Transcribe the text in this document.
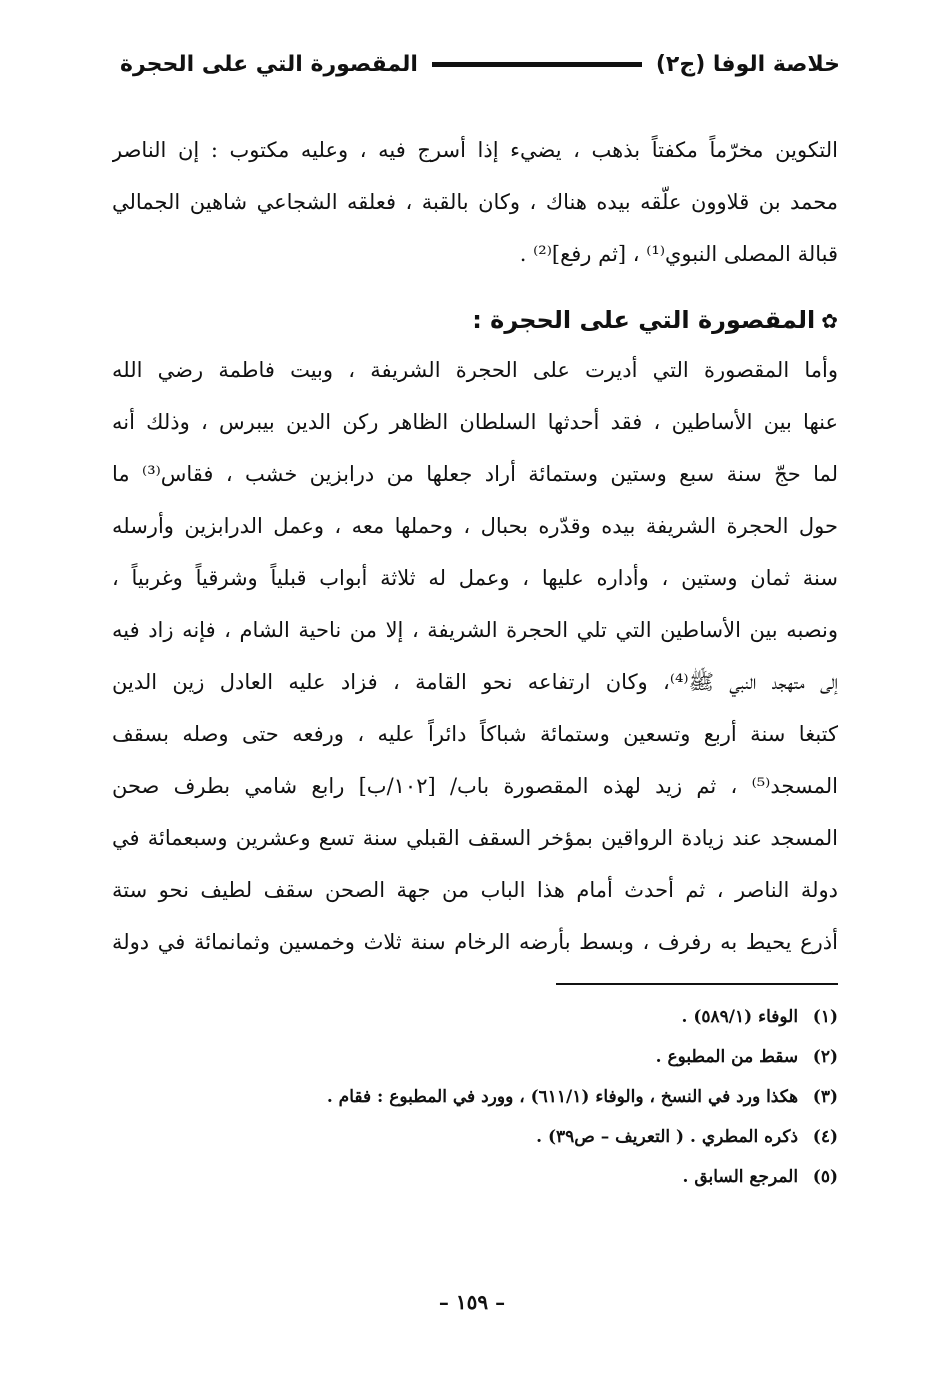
خلاصة الوفا (ج٢)
المقصورة التي على الحجرة
التكوين مخرّماً مكفتاً بذهب ، يضيء إذا أسرج فيه ، وعليه مكتوب : إن الناصر
محمد بن قلاوون علّقه بيده هناك ، وكان بالقبة ، فعلقه الشجاعي شاهين الجمالي
قبالة المصلى النبوي⁽¹⁾ ، [ثم رفع]⁽²⁾ .
✿المقصورة التي على الحجرة :
وأما المقصورة التي أديرت على الحجرة الشريفة ، وبيت فاطمة رضي الله
عنها بين الأساطين ، فقد أحدثها السلطان الظاهر ركن الدين بيبرس ، وذلك أنه
لما حجّ سنة سبع وستين وستمائة أراد جعلها من درابزين خشب ، فقاس⁽³⁾ ما
حول الحجرة الشريفة بيده وقدّره بحبال ، وحملها معه ، وعمل الدرابزين وأرسله
سنة ثمان وستين ، وأداره عليها ، وعمل له ثلاثة أبواب قبلياً وشرقياً وغربياً ،
ونصبه بين الأساطين التي تلي الحجرة الشريفة ، إلا من ناحية الشام ، فإنه زاد فيه
إلى متهجد النبي ﷺ⁽⁴⁾، وكان ارتفاعه نحو القامة ، فزاد عليه العادل زين الدين
كتبغا سنة أربع وتسعين وستمائة شباكاً دائراً عليه ، ورفعه حتى وصله بسقف
المسجد⁽⁵⁾ ، ثم زيد لهذه المقصورة باب/ [١٠٢/ب] رابع شامي بطرف صحن
المسجد عند زيادة الرواقين بمؤخر السقف القبلي سنة تسع وعشرين وسبعمائة في
دولة الناصر ، ثم أحدث أمام هذا الباب من جهة الصحن سقف لطيف نحو ستة
أذرع يحيط به رفرف ، وبسط بأرضه الرخام سنة ثلاث وخمسين وثمانمائة في دولة
(١) الوفاء (٥٨٩/١) .
(٢) سقط من المطبوع .
(٣) هكذا ورد في النسخ ، والوفاء (٦١١/١) ، وورد في المطبوع : فقام .
(٤) ذكره المطري . ( التعريف – ص٣٩) .
(٥) المرجع السابق .
– ١٥٩ –
